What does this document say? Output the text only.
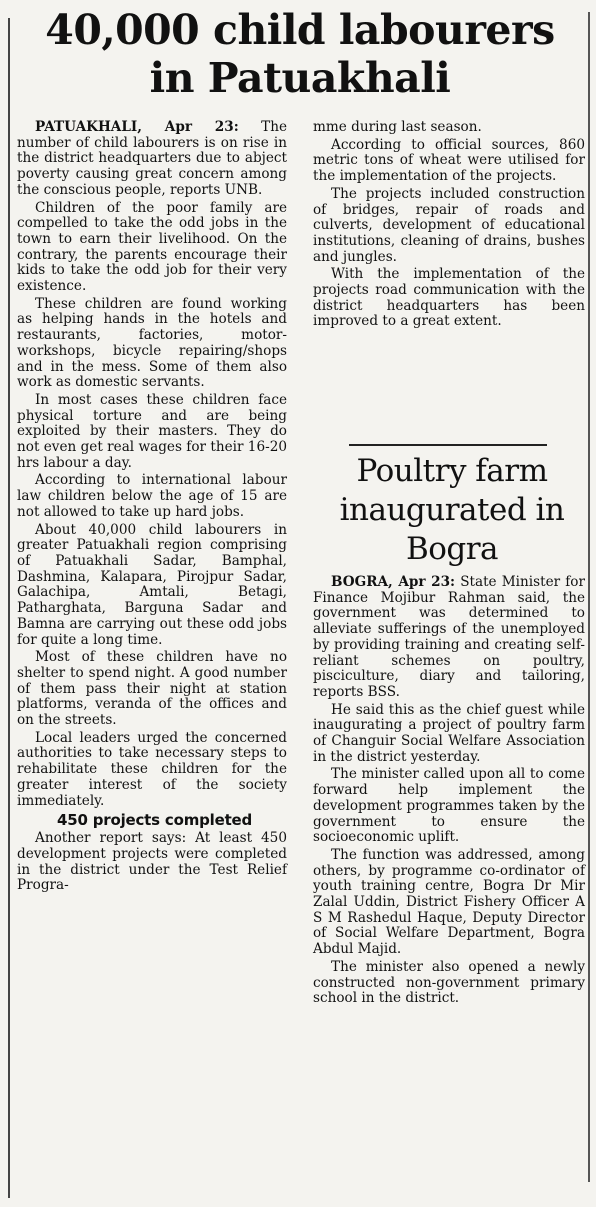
40,000 child labourers
in Patuakhali

PATUAKHALI, Apr 23: The number of child labourers is on rise in the district headquarters due to abject poverty causing great concern among the conscious people, reports UNB.

Children of the poor family are compelled to take the odd jobs in the town to earn their livelihood. On the contrary, the parents encourage their kids to take the odd job for their very existence.

These children are found working as helping hands in the hotels and restaurants, factories, motor-workshops, bicycle repairing/shops and in the mess. Some of them also work as domestic servants.

In most cases these children face physical torture and are being exploited by their masters. They do not even get real wages for their 16-20 hrs labour a day.

According to international labour law children below the age of 15 are not allowed to take up hard jobs.

About 40,000 child labourers in greater Patuakhali region comprising of Patuakhali Sadar, Bamphal, Dashmina, Kalapara, Pirojpur Sadar, Galachipa, Amtali, Betagi, Patharghata, Barguna Sadar and Bamna are carrying out these odd jobs for quite a long time.

Most of these children have no shelter to spend night. A good number of them pass their night at station platforms, veranda of the offices and on the streets.

Local leaders urged the concerned authorities to take necessary steps to rehabilitate these children for the greater interest of the society immediately.

450 projects completed

Another report says: At least 450 development projects were completed in the district under the Test Relief Progra-

mme during last season.

According to official sources, 860 metric tons of wheat were utilised for the implementation of the projects.

The projects included construction of bridges, repair of roads and culverts, development of educational institutions, cleaning of drains, bushes and jungles.

With the implementation of the projects road communication with the district headquarters has been improved to a great extent.

Poultry farm
inaugurated in
Bogra

BOGRA, Apr 23: State Minister for Finance Mojibur Rahman said, the government was determined to alleviate sufferings of the unemployed by providing training and creating self-reliant schemes on poultry, pisciculture, diary and tailoring, reports BSS.

He said this as the chief guest while inaugurating a project of poultry farm of Changuir Social Welfare Association in the district yesterday.

The minister called upon all to come forward help implement the development programmes taken by the government to ensure the socioeconomic uplift.

The function was addressed, among others, by programme co-ordinator of youth training centre, Bogra Dr Mir Zalal Uddin, District Fishery Officer A S M Rashedul Haque, Deputy Director of Social Welfare Department, Bogra Abdul Majid.

The minister also opened a newly constructed non-government primary school in the district.
